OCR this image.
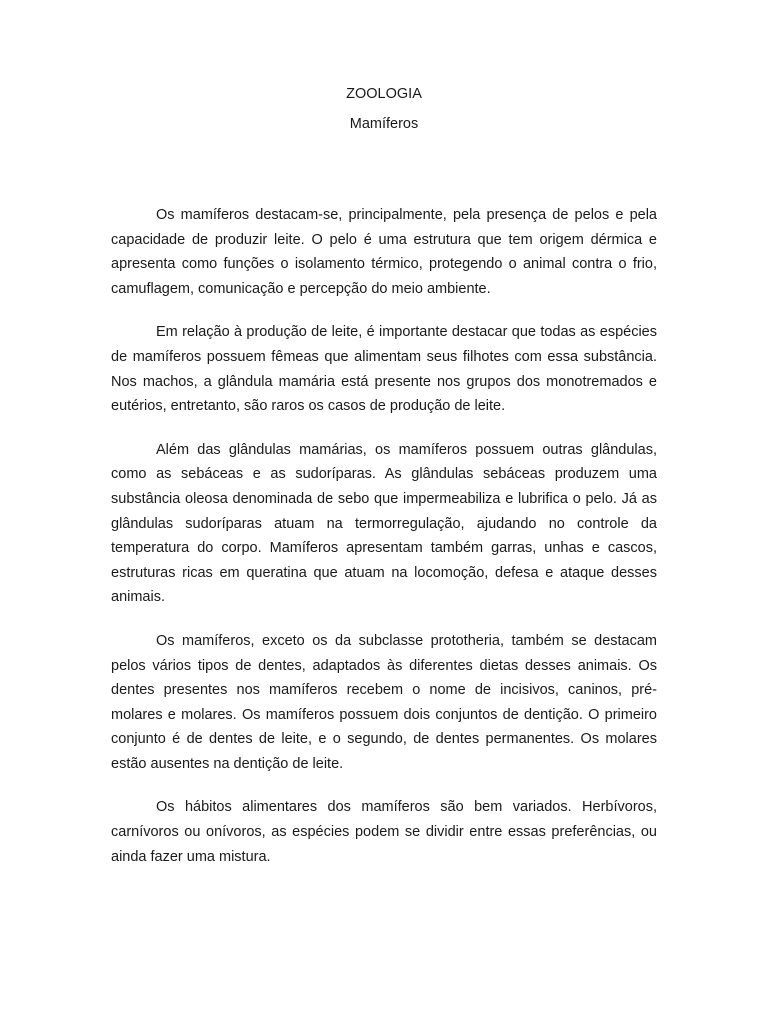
ZOOLOGIA
Mamíferos

Os mamíferos destacam-se, principalmente, pela presença de pelos e pela capacidade de produzir leite. O pelo é uma estrutura que tem origem dérmica e apresenta como funções o isolamento térmico, protegendo o animal contra o frio, camuflagem, comunicação e percepção do meio ambiente.

Em relação à produção de leite, é importante destacar que todas as espécies de mamíferos possuem fêmeas que alimentam seus filhotes com essa substância. Nos machos, a glândula mamária está presente nos grupos dos monotremados e eutérios, entretanto, são raros os casos de produção de leite.

Além das glândulas mamárias, os mamíferos possuem outras glândulas, como as sebáceas e as sudoríparas. As glândulas sebáceas produzem uma substância oleosa denominada de sebo que impermeabiliza e lubrifica o pelo. Já as glândulas sudoríparas atuam na termorregulação, ajudando no controle da temperatura do corpo. Mamíferos apresentam também garras, unhas e cascos, estruturas ricas em queratina que atuam na locomoção, defesa e ataque desses animais.

Os mamíferos, exceto os da subclasse prototheria, também se destacam pelos vários tipos de dentes, adaptados às diferentes dietas desses animais. Os dentes presentes nos mamíferos recebem o nome de incisivos, caninos, pré-molares e molares. Os mamíferos possuem dois conjuntos de dentição. O primeiro conjunto é de dentes de leite, e o segundo, de dentes permanentes. Os molares estão ausentes na dentição de leite.

Os hábitos alimentares dos mamíferos são bem variados. Herbívoros, carnívoros ou onívoros, as espécies podem se dividir entre essas preferências, ou ainda fazer uma mistura.
